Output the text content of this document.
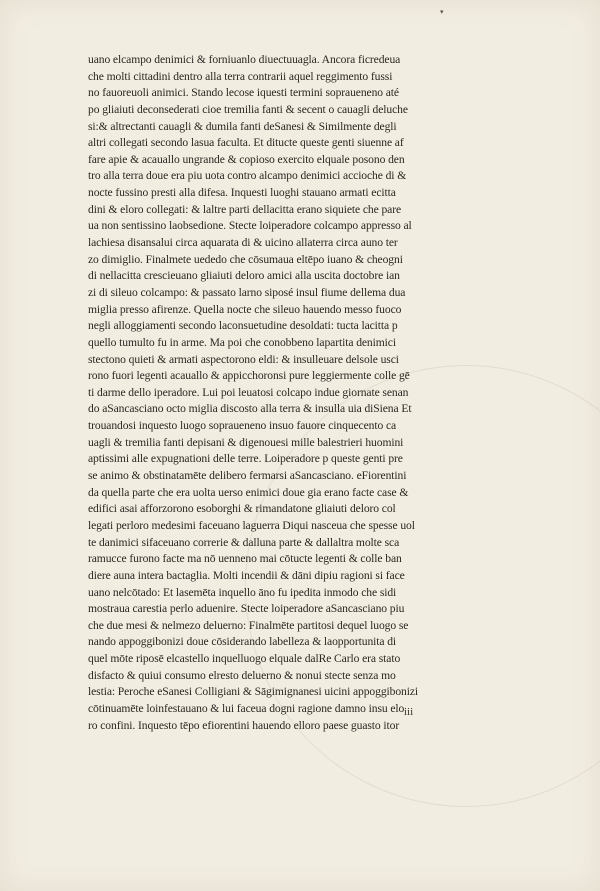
▾
uano elcampo denimici & forniuanlo diuectuuagla. Ancora ficredeua
che molti cittadini dentro alla terra contrarii aquel reggimento fussi
no fauoreuoli animici. Stando lecose iquesti termini sopraueneno até
po gliaiuti deconsederati cioe tremilia fanti & secent o cauagli deluche
si:& altrectanti cauagli & dumila fanti deSanesi & Similmente degli
altri collegati secondo lasua faculta. Et ditucte queste genti siuenne af
fare apie & acauallo ungrande & copioso exercito elquale posono den
tro alla terra doue era piu uota contro alcampo denimici accioche di &
nocte fussino presti alla difesa. Inquesti luoghi stauano armati ecitta
dini & eloro collegati: & laltre parti dellacitta erano siquiete che pare
ua non sentissino laobsedione. Stecte loiperadore colcampo appresso al
lachiesa disansalui circa aquarata di & uicino allaterra circa auno ter
zo dimiglio. Finalmete uededo che cōsumaua eltēpo iuano & cheogni
di nellacitta crescieuano gliaiuti deloro amici alla uscita doctobre ian
zi di sileuo colcampo: & passato larno siposé insul fiume dellema dua
miglia presso afirenze. Quella nocte che sileuo hauendo messo fuoco
negli alloggiamenti secondo laconsuetudine desoldati: tucta lacitta p
quello tumulto fu in arme. Ma poi che conobbeno lapartita denimici
stectono quieti & armati aspectorono eldi: & insulleuare delsole usci
rono fuori legenti acauallo & appicchoronsi pure leggiermente colle gē
ti darme dello iperadore. Lui poi leuatosi colcapo indue giornate senan
do aSancasciano octo miglia discosto alla terra & insulla uia diSiena Et
trouandosi inquesto luogo sopraueneno insuo fauore cinquecento ca
uagli & tremilia fanti depisani & digenouesi mille balestrieri huomini
aptissimi alle expugnationi delle terre. Loiperadore p queste genti pre
se animo & obstinatamēte delibero fermarsi aSancasciano. eFiorentini
da quella parte che era uolta uerso enimici doue gia erano facte case &
edifici asai afforzorono esoborghi & rimandatone gliaiuti deloro col
legati perloro medesimi faceuano laguerra Diqui nasceua che spesse uol
te danimici sifaceuano correrie & dalluna parte & dallaltra molte sca
ramucce furono facte ma nō uenneno mai cōtucte legenti & colle ban
diere auna intera bactaglia. Molti incendii & dāni dipiu ragioni si face
uano nelcōtado: Et lasemēta inquello āno fu ipedita inmodo che sidi
mostraua carestia perlo aduenire. Stecte loiperadore aSancasciano piu
che due mesi & nelmezo deluerno: Finalmēte partitosi dequel luogo se
nando appoggibonizi doue cōsiderando labelleza & laopportunita di
quel mōte riposē elcastello inquelluogo elquale dalRe Carlo era stato
disfacto & quiui consumo elresto deluerno & nonui stecte senza mo
lestia: Peroche eSanesi Colligiani & Sāgimignanesi uicini appoggibonizi
cōtinuamēte loinfestauano & lui faceua dogni ragione damno insu elo
ro confini. Inquesto tēpo efiorentini hauendo elloro paese guasto itor
iii
